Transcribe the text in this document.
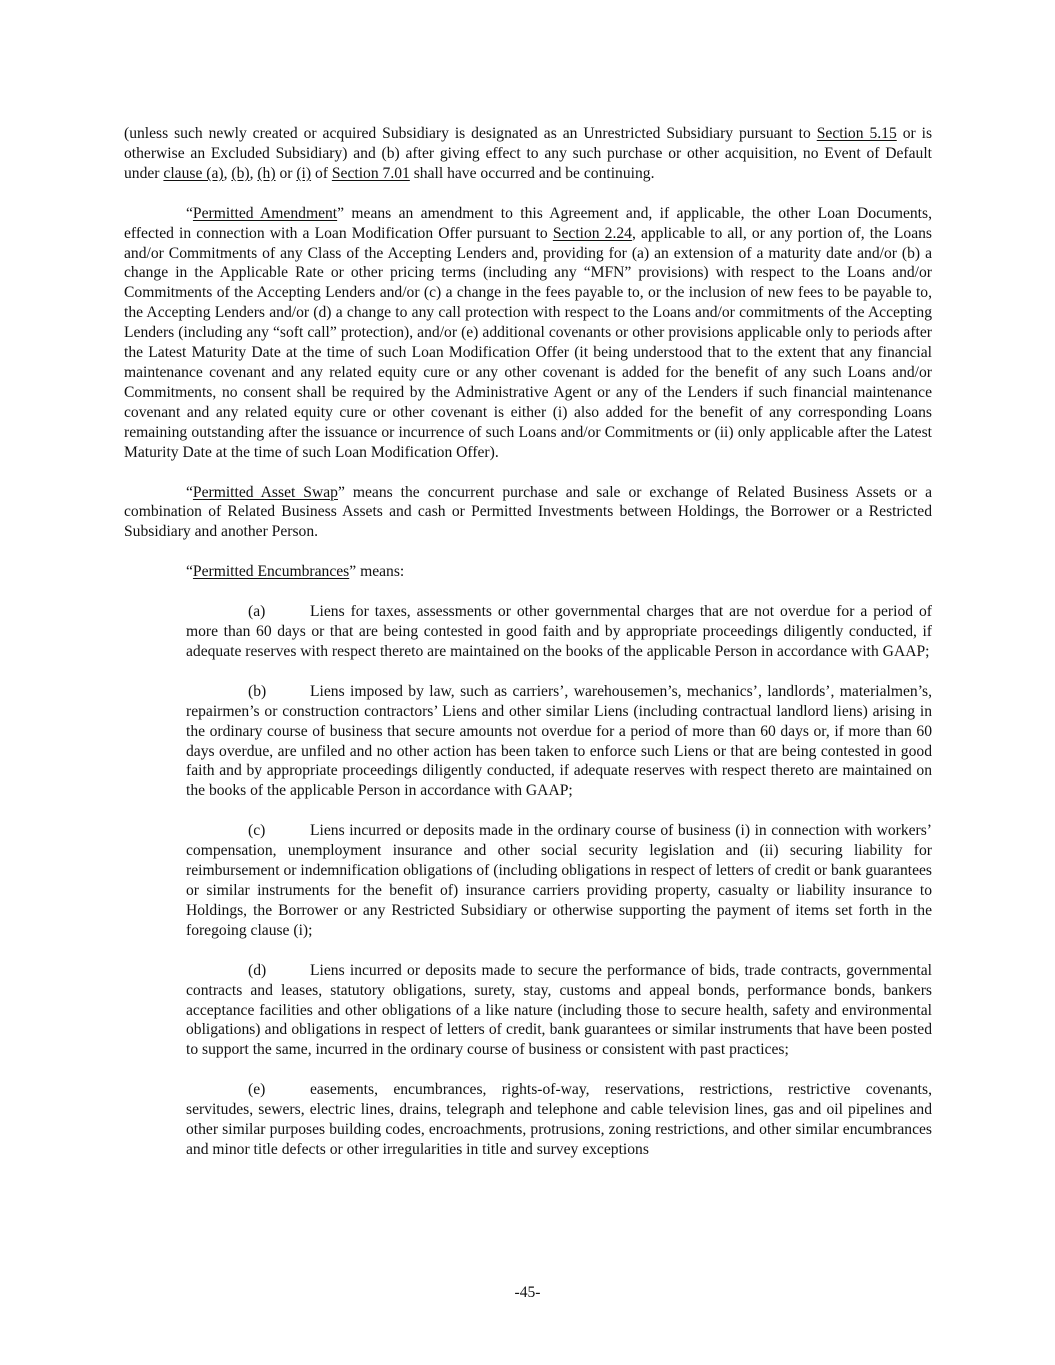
(unless such newly created or acquired Subsidiary is designated as an Unrestricted Subsidiary pursuant to Section 5.15 or is otherwise an Excluded Subsidiary) and (b) after giving effect to any such purchase or other acquisition, no Event of Default under clause (a), (b), (h) or (i) of Section 7.01 shall have occurred and be continuing.

“Permitted Amendment” means an amendment to this Agreement and, if applicable, the other Loan Documents, effected in connection with a Loan Modification Offer pursuant to Section 2.24, applicable to all, or any portion of, the Loans and/or Commitments of any Class of the Accepting Lenders and, providing for (a) an extension of a maturity date and/or (b) a change in the Applicable Rate or other pricing terms (including any “MFN” provisions) with respect to the Loans and/or Commitments of the Accepting Lenders and/or (c) a change in the fees payable to, or the inclusion of new fees to be payable to, the Accepting Lenders and/or (d) a change to any call protection with respect to the Loans and/or commitments of the Accepting Lenders (including any “soft call” protection), and/or (e) additional covenants or other provisions applicable only to periods after the Latest Maturity Date at the time of such Loan Modification Offer (it being understood that to the extent that any financial maintenance covenant and any related equity cure or any other covenant is added for the benefit of any such Loans and/or Commitments, no consent shall be required by the Administrative Agent or any of the Lenders if such financial maintenance covenant and any related equity cure or other covenant is either (i) also added for the benefit of any corresponding Loans remaining outstanding after the issuance or incurrence of such Loans and/or Commitments or (ii) only applicable after the Latest Maturity Date at the time of such Loan Modification Offer).

“Permitted Asset Swap” means the concurrent purchase and sale or exchange of Related Business Assets or a combination of Related Business Assets and cash or Permitted Investments between Holdings, the Borrower or a Restricted Subsidiary and another Person.

“Permitted Encumbrances” means:

(a)	Liens for taxes, assessments or other governmental charges that are not overdue for a period of more than 60 days or that are being contested in good faith and by appropriate proceedings diligently conducted, if adequate reserves with respect thereto are maintained on the books of the applicable Person in accordance with GAAP;

(b)	Liens imposed by law, such as carriers’, warehousemen’s, mechanics’, landlords’, materialmen’s, repairmen’s or construction contractors’ Liens and other similar Liens (including contractual landlord liens) arising in the ordinary course of business that secure amounts not overdue for a period of more than 60 days or, if more than 60 days overdue, are unfiled and no other action has been taken to enforce such Liens or that are being contested in good faith and by appropriate proceedings diligently conducted, if adequate reserves with respect thereto are maintained on the books of the applicable Person in accordance with GAAP;

(c)	Liens incurred or deposits made in the ordinary course of business (i) in connection with workers’ compensation, unemployment insurance and other social security legislation and (ii) securing liability for reimbursement or indemnification obligations of (including obligations in respect of letters of credit or bank guarantees or similar instruments for the benefit of) insurance carriers providing property, casualty or liability insurance to Holdings, the Borrower or any Restricted Subsidiary or otherwise supporting the payment of items set forth in the foregoing clause (i);

(d)	Liens incurred or deposits made to secure the performance of bids, trade contracts, governmental contracts and leases, statutory obligations, surety, stay, customs and appeal bonds, performance bonds, bankers acceptance facilities and other obligations of a like nature (including those to secure health, safety and environmental obligations) and obligations in respect of letters of credit, bank guarantees or similar instruments that have been posted to support the same, incurred in the ordinary course of business or consistent with past practices;

(e)	easements, encumbrances, rights-of-way, reservations, restrictions, restrictive covenants, servitudes, sewers, electric lines, drains, telegraph and telephone and cable television lines, gas and oil pipelines and other similar purposes building codes, encroachments, protrusions, zoning restrictions, and other similar encumbrances and minor title defects or other irregularities in title and survey exceptions

-45-
